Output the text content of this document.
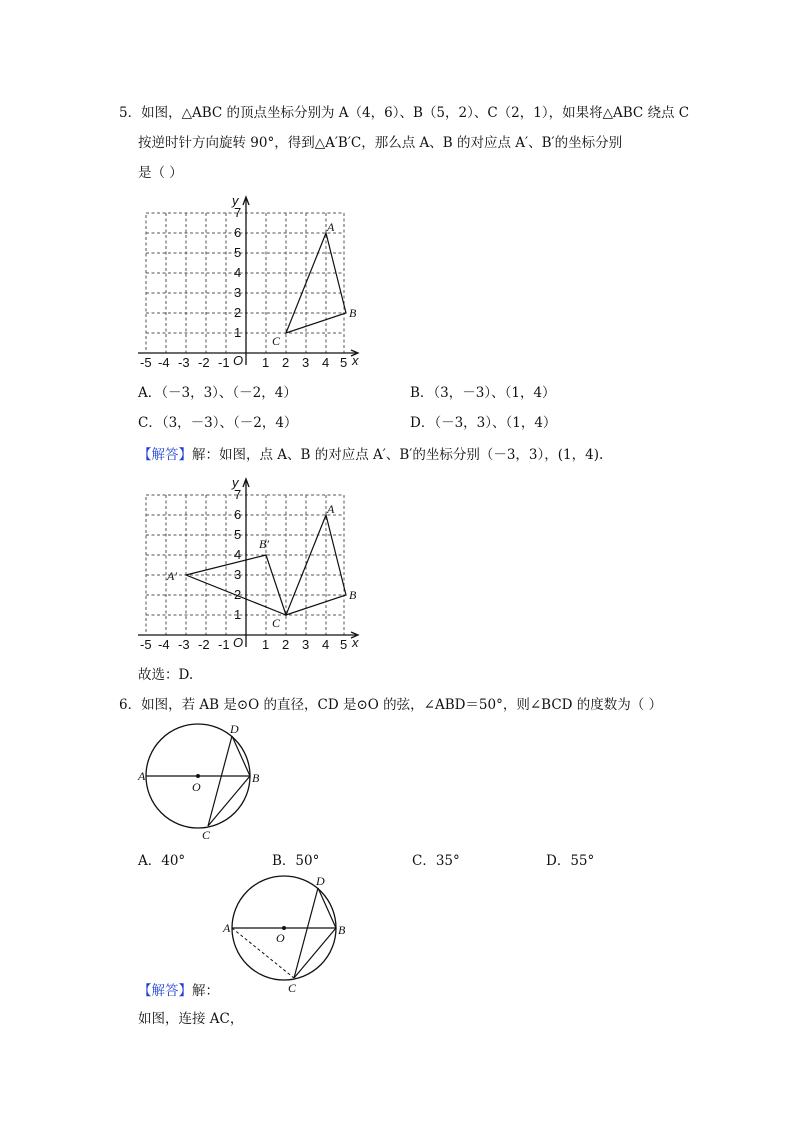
5．如图，△ABC 的顶点坐标分别为 A（4，6）、B（5，2）、C（2，1），如果将△ABC 绕点 C
按逆时针方向旋转 90°，得到△A′B′C，那么点 A、B 的对应点 A′、B′的坐标分别
是（ ）
y
x
-5 -4 -3 -2 -1 O 1 2 3 4 5
1
2
3
4
5
6
7
A
B
C
A．（－3，3）、（－2，4）	B．（3，－3）、（1，4）
C．（3，－3）、（－2，4）	D．（－3，3）、（1，4）
【解答】解：如图，点 A、B 的对应点 A′、B′的坐标分别（－3，3），(1，4).
y
x
-5 -4 -3 -2 -1 O 1 2 3 4 5
1
2
3
4
5
6
7
A
B
C
A′
B′
故选：D.
6．如图，若 AB 是⊙O 的直径，CD 是⊙O 的弦，∠ABD＝50°，则∠BCD 的度数为（ ）
A	B
D
C
O
A．40°	B．50°	C．35°	D．55°
A	B
D
C
O
【解答】解：
如图，连接 AC，
